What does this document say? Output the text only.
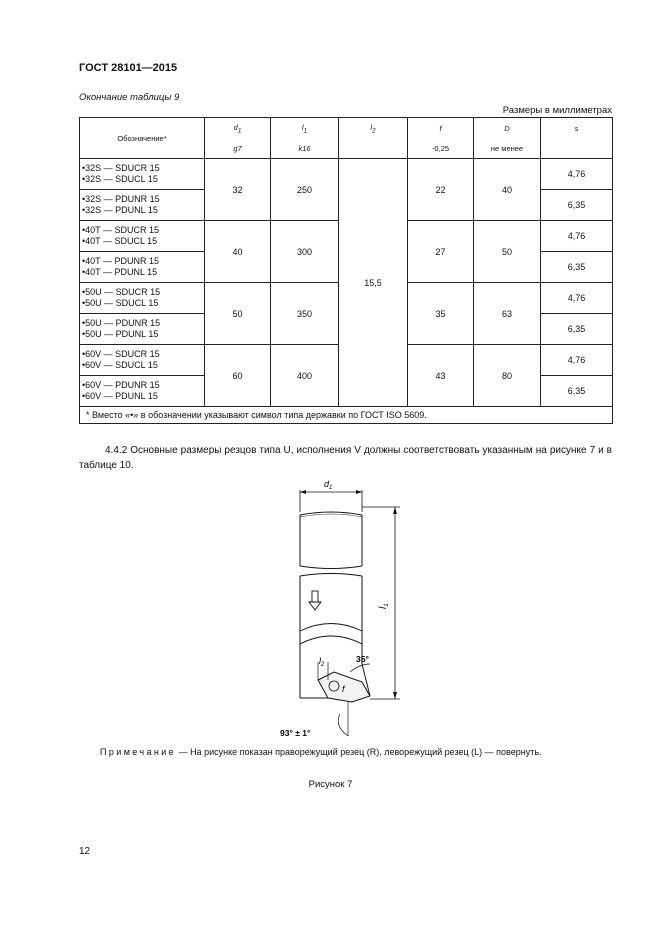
ГОСТ 28101—2015
Окончание таблицы 9
Размеры в миллиметрах
Обозначение*	$d_1$	$l_1$	$l_2$	f	D	s
	g7	k16		-0,25	не менее	

•32S — SDUCR 15
•32S — SDUCL 15	32	250	15,5	22	40	4,76

•32S — PDUNR 15
•32S — PDUNL 15						6,35

•40T — SDUCR 15
•40T — SDUCL 15	40	300		27	50	4,76

•40T — PDUNR 15
•40T — PDUNL 15						6,35

•50U — SDUCR 15
•50U — SDUCL 15	50	350		35	63	4,76

•50U — PDUNR 15
•50U — PDUNL 15						6,35

•60V — SDUCR 15
•60V — SDUCL 15	60	400		43	80	4,76

•60V — PDUNR 15
•60V — PDUNL 15						6,35
* Вместо «•» в обозначении указывают символ типа державки по ГОСТ ISO 5609.						
4.4.2 Основные размеры резцов типа U, исполнения V должны соответствовать указанным на рисунке 7 и в таблице 10.
$d_1$
$l_2$
f
35°
93° ± 1°
$l_1$
Примечание — На рисунке показан праворежущий резец (R), леворежущий резец (L) — повернуть.
Рисунок 7
12
